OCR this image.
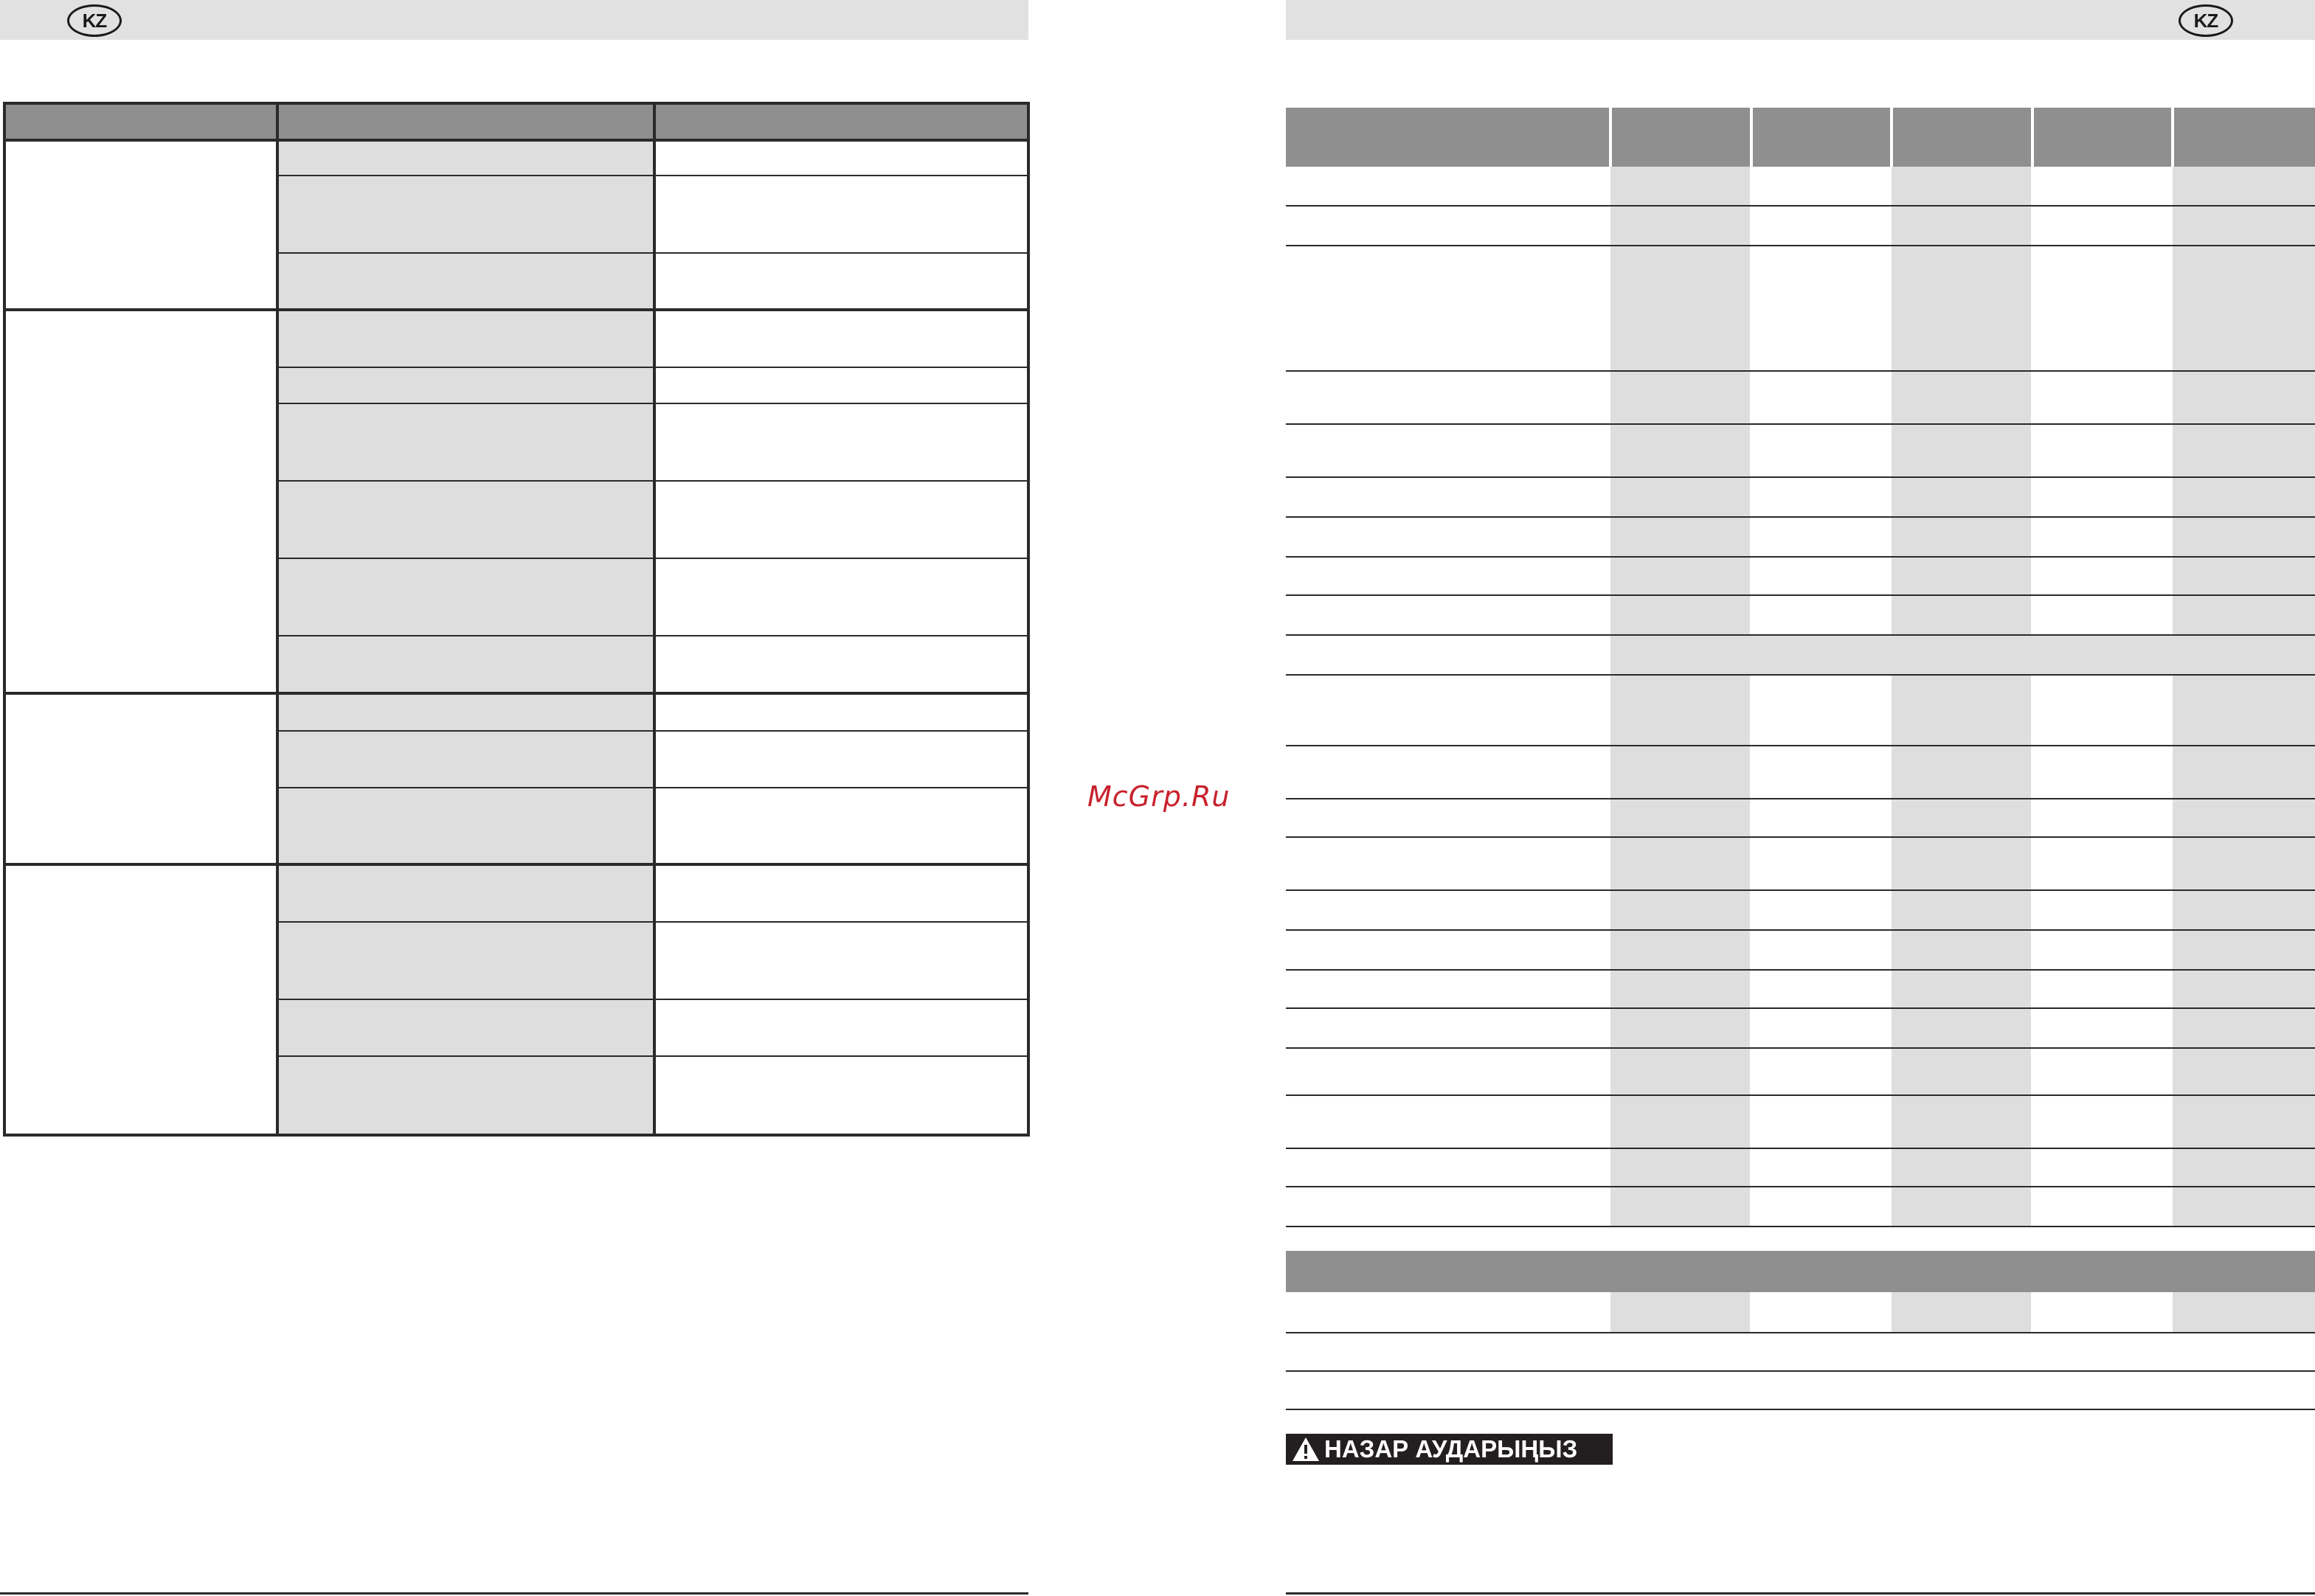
KZ	KZ
McGrp.Ru
НАЗАР АУДАРЫҢЫЗ
